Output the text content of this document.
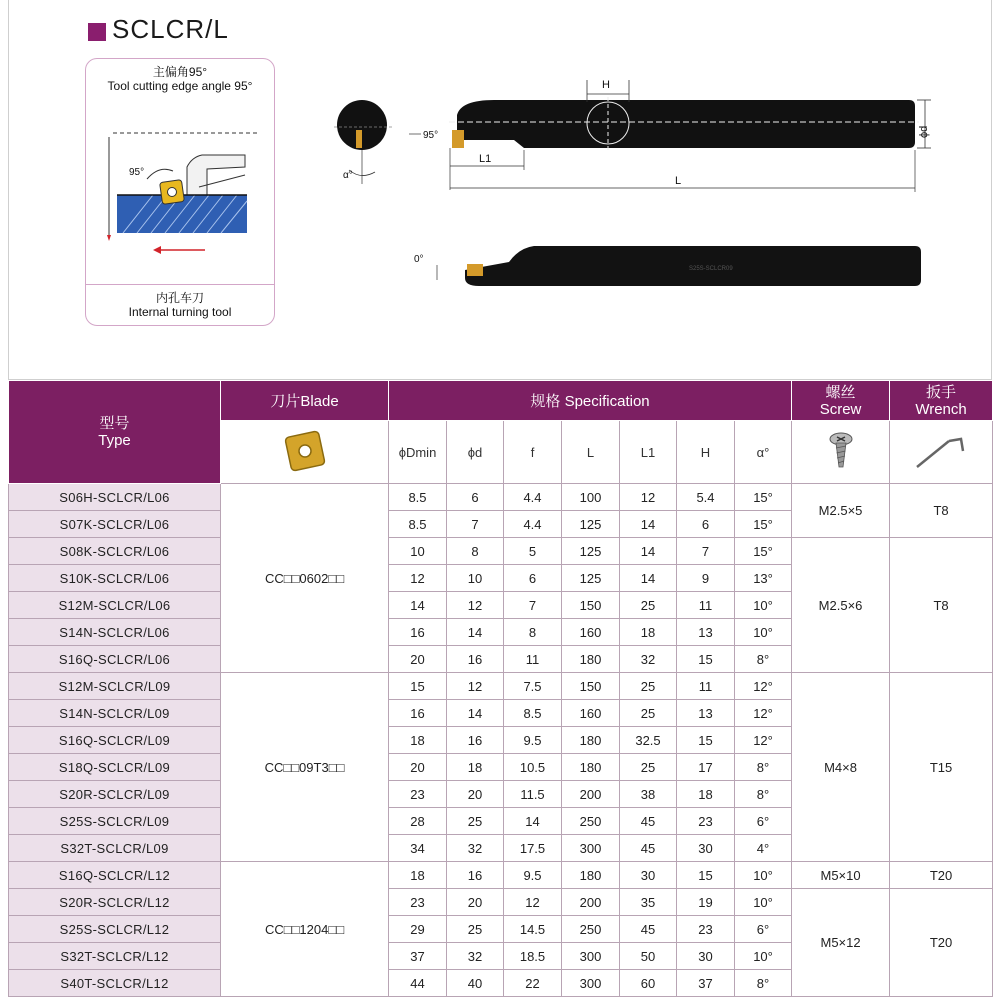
SCLCR/L
主偏角95°
Tool cutting edge angle 95°
95°
内孔车刀
Internal turning tool
α°
H
ϕd
95°
L1
L
S25S-SCLCR09
0°
型号
Type	刀片Blade	规格 Specification							螺丝
Screw	扳手
Wrench

	ϕDmin	ϕd	f	L	L1	H	α°		
S06H-SCLCR/L06	CC□□0602□□	8.5	6	4.4	100	12	5.4	15°	M2.5×5	T8
S07K-SCLCR/L06		8.5	7	4.4	125	14	6	15°		
S08K-SCLCR/L06		10	8	5	125	14	7	15°	M2.5×6	T8
S10K-SCLCR/L06		12	10	6	125	14	9	13°		
S12M-SCLCR/L06		14	12	7	150	25	11	10°		
S14N-SCLCR/L06		16	14	8	160	18	13	10°		
S16Q-SCLCR/L06		20	16	11	180	32	15	8°		
S12M-SCLCR/L09	CC□□09T3□□	15	12	7.5	150	25	11	12°	M4×8	T15
S14N-SCLCR/L09		16	14	8.5	160	25	13	12°		
S16Q-SCLCR/L09		18	16	9.5	180	32.5	15	12°		
S18Q-SCLCR/L09		20	18	10.5	180	25	17	8°		
S20R-SCLCR/L09		23	20	11.5	200	38	18	8°		
S25S-SCLCR/L09		28	25	14	250	45	23	6°		
S32T-SCLCR/L09		34	32	17.5	300	45	30	4°		
S16Q-SCLCR/L12	CC□□1204□□	18	16	9.5	180	30	15	10°	M5×10	T20
S20R-SCLCR/L12		23	20	12	200	35	19	10°	M5×12	T20
S25S-SCLCR/L12		29	25	14.5	250	45	23	6°		
S32T-SCLCR/L12		37	32	18.5	300	50	30	10°		
S40T-SCLCR/L12		44	40	22	300	60	37	8°		
